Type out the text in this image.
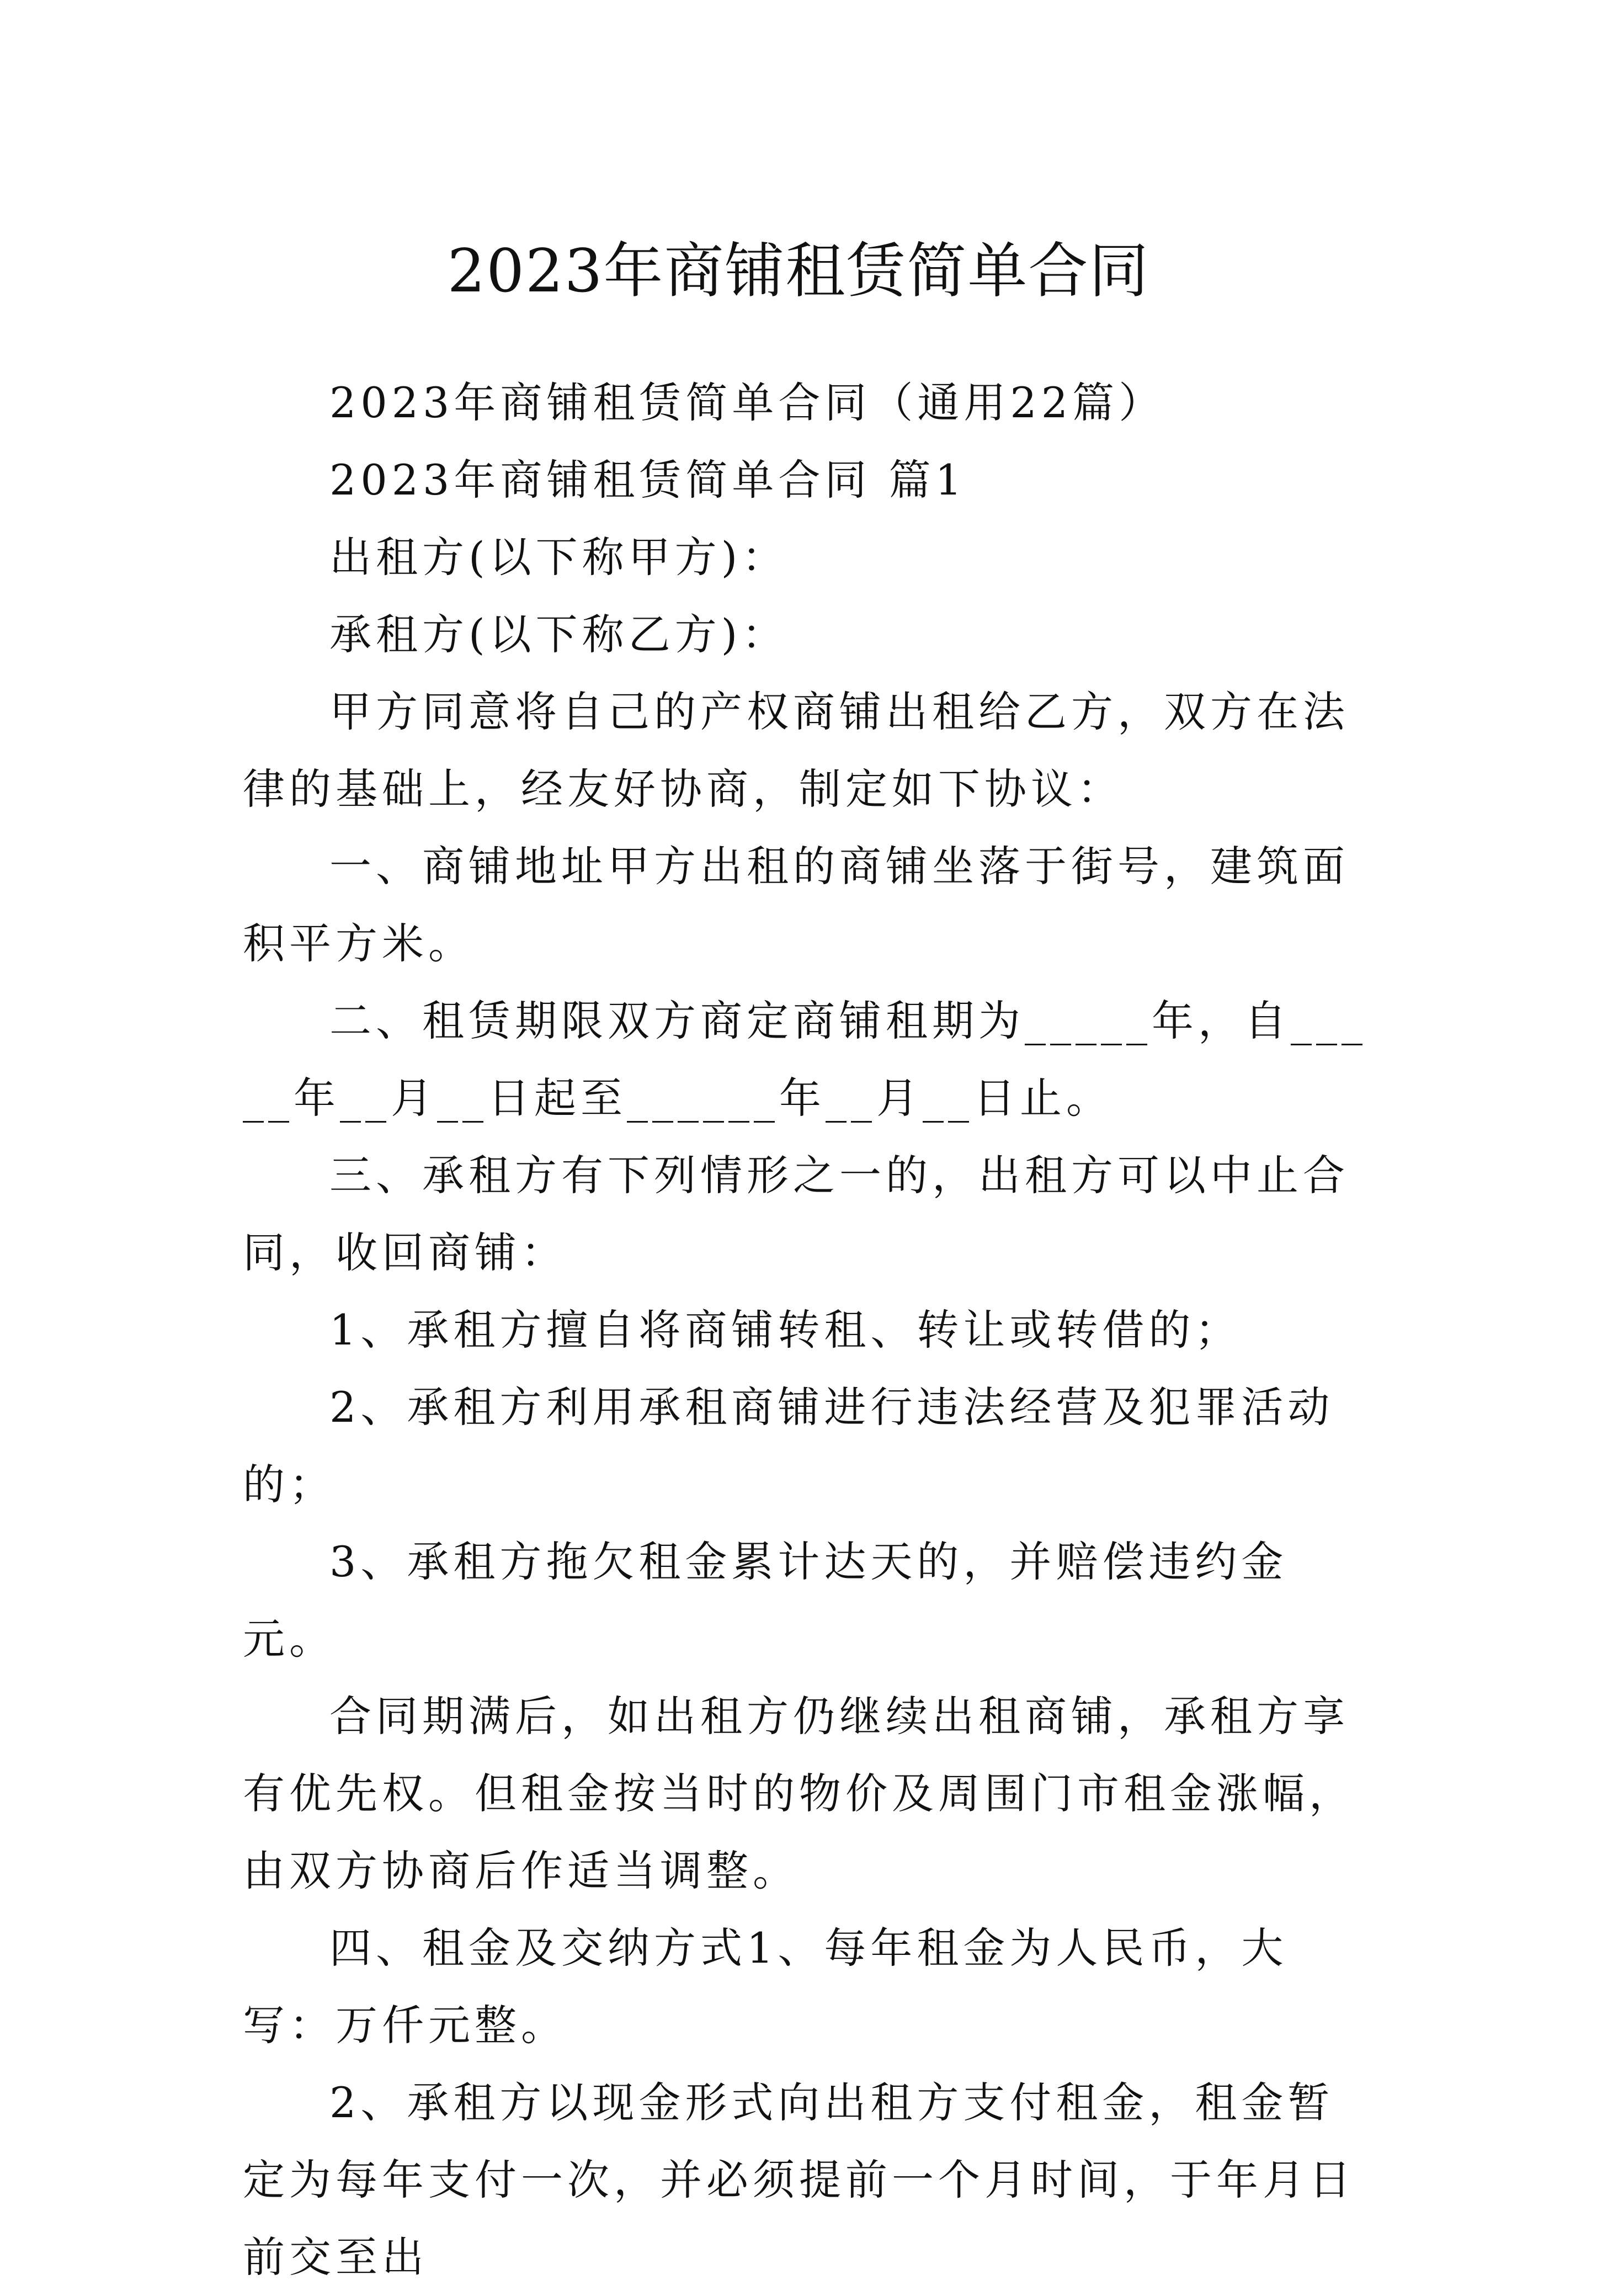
2023年商铺租赁简单合同

2023年商铺租赁简单合同（通用22篇）

2023年商铺租赁简单合同 篇1

出租方(以下称甲方)：

承租方(以下称乙方)：

甲方同意将自己的产权商铺出租给乙方，双方在法律的基础上，经友好协商，制定如下协议：

一、商铺地址甲方出租的商铺坐落于街号，建筑面积平方米。

二、租赁期限双方商定商铺租期为_____年，自_____年__月__日起至______年__月__日止。

三、承租方有下列情形之一的，出租方可以中止合同，收回商铺：

1、承租方擅自将商铺转租、转让或转借的；

2、承租方利用承租商铺进行违法经营及犯罪活动的；

3、承租方拖欠租金累计达天的，并赔偿违约金元。

合同期满后，如出租方仍继续出租商铺，承租方享有优先权。但租金按当时的物价及周围门市租金涨幅，由双方协商后作适当调整。

四、租金及交纳方式1、每年租金为人民币，大写：万仟元整。

2、承租方以现金形式向出租方支付租金，租金暂定为每年支付一次，并必须提前一个月时间，于年月日前交至出
